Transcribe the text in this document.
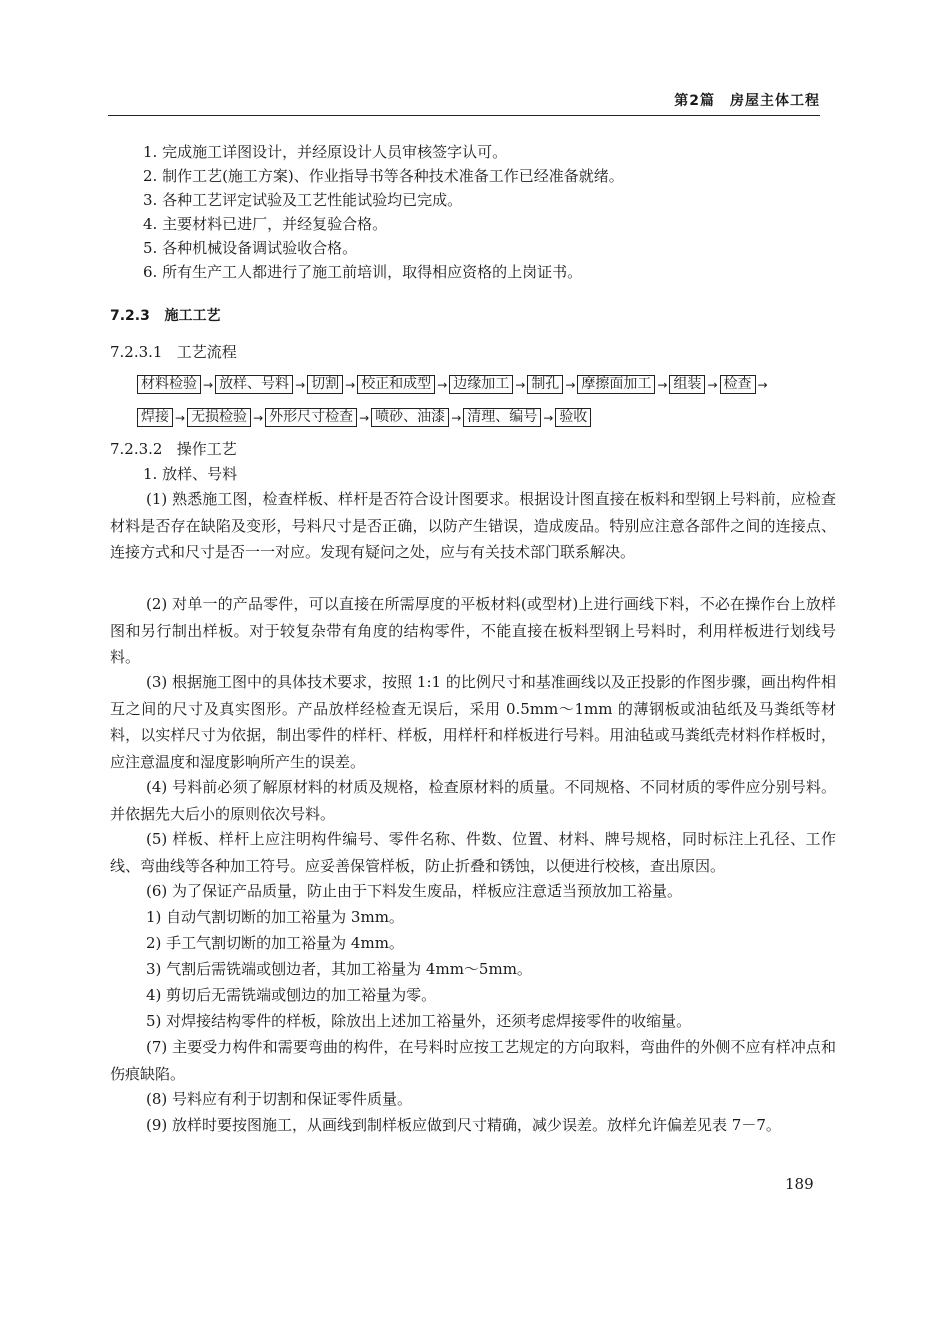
第2篇　房屋主体工程
1. 完成施工详图设计，并经原设计人员审核签字认可。
2. 制作工艺(施工方案)、作业指导书等各种技术准备工作已经准备就绪。
3. 各种工艺评定试验及工艺性能试验均已完成。
4. 主要材料已进厂，并经复验合格。
5. 各种机械设备调试验收合格。
6. 所有生产工人都进行了施工前培训，取得相应资格的上岗证书。
7.2.3 施工工艺
7.2.3.1 工艺流程
材料检验 → 放样、号料 → 切割 → 校正和成型 → 边缘加工 → 制孔 → 摩擦面加工 → 组装 → 检查 →
焊接 → 无损检验 → 外形尺寸检查 → 喷砂、油漆 → 清理、编号 → 验收
7.2.3.2 操作工艺
1. 放样、号料
(1) 熟悉施工图，检查样板、样杆是否符合设计图要求。根据设计图直接在板料和型钢上号料前，应检查材料是否存在缺陷及变形，号料尺寸是否正确，以防产生错误，造成废品。特别应注意各部件之间的连接点、连接方式和尺寸是否一一对应。发现有疑问之处，应与有关技术部门联系解决。
(2) 对单一的产品零件，可以直接在所需厚度的平板材料(或型材)上进行画线下料，不必在操作台上放样图和另行制出样板。对于较复杂带有角度的结构零件，不能直接在板料型钢上号料时，利用样板进行划线号料。
(3) 根据施工图中的具体技术要求，按照 1:1 的比例尺寸和基准画线以及正投影的作图步骤，画出构件相互之间的尺寸及真实图形。产品放样经检查无误后，采用 0.5mm～1mm 的薄钢板或油毡纸及马粪纸等材料，以实样尺寸为依据，制出零件的样杆、样板，用样杆和样板进行号料。用油毡或马粪纸壳材料作样板时，应注意温度和湿度影响所产生的误差。
(4) 号料前必须了解原材料的材质及规格，检查原材料的质量。不同规格、不同材质的零件应分别号料。并依据先大后小的原则依次号料。
(5) 样板、样杆上应注明构件编号、零件名称、件数、位置、材料、牌号规格，同时标注上孔径、工作线、弯曲线等各种加工符号。应妥善保管样板，防止折叠和锈蚀，以便进行校核，查出原因。
(6) 为了保证产品质量，防止由于下料发生废品，样板应注意适当预放加工裕量。
1) 自动气割切断的加工裕量为 3mm。
2) 手工气割切断的加工裕量为 4mm。
3) 气割后需铣端或刨边者，其加工裕量为 4mm～5mm。
4) 剪切后无需铣端或刨边的加工裕量为零。
5) 对焊接结构零件的样板，除放出上述加工裕量外，还须考虑焊接零件的收缩量。
(7) 主要受力构件和需要弯曲的构件，在号料时应按工艺规定的方向取料，弯曲件的外侧不应有样冲点和伤痕缺陷。
(8) 号料应有利于切割和保证零件质量。
(9) 放样时要按图施工，从画线到制样板应做到尺寸精确，减少误差。放样允许偏差见表 7－7。
189
